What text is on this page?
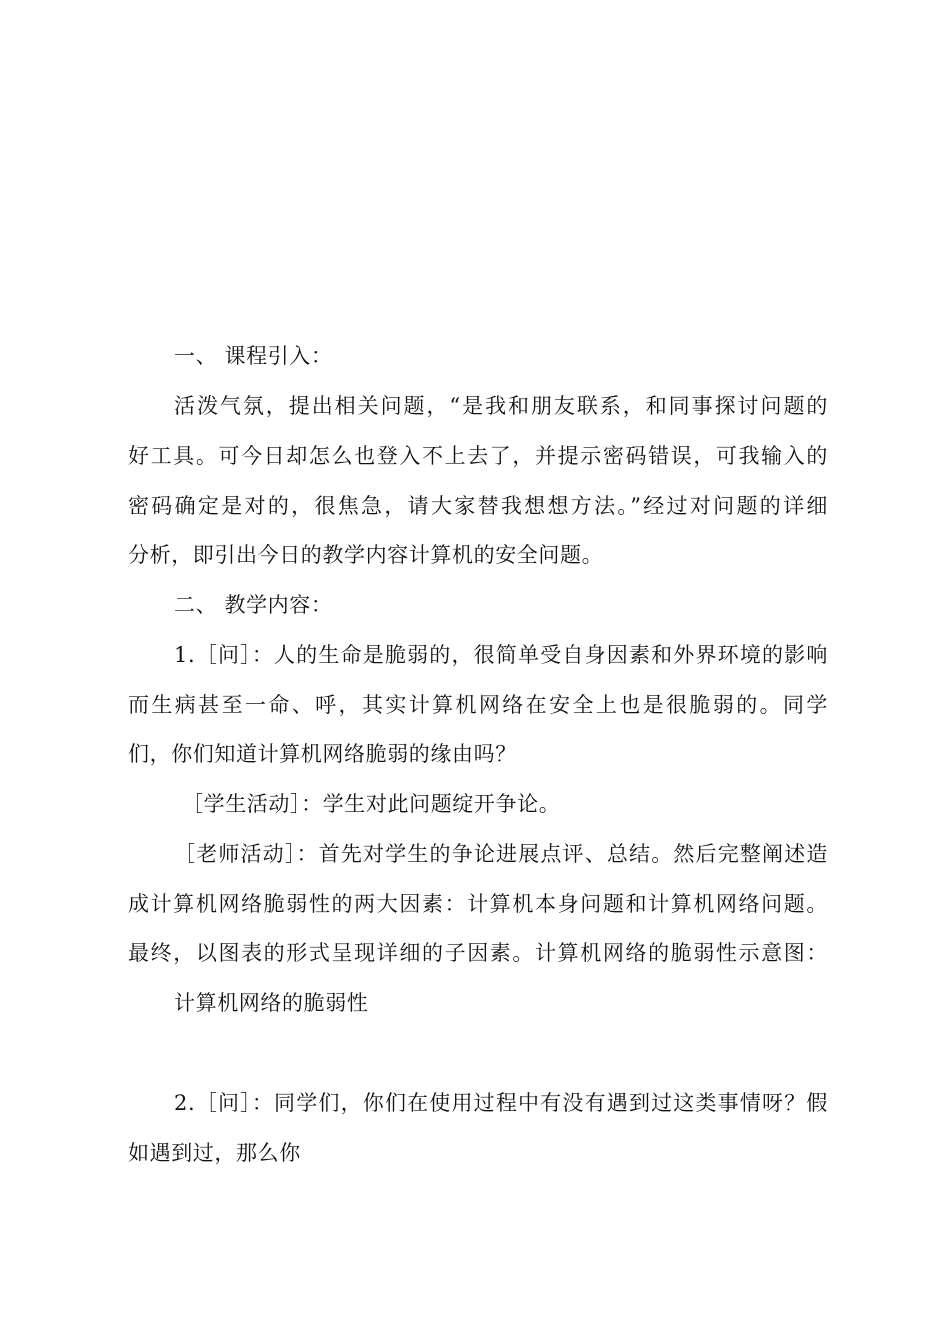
一、 课程引入：
活泼气氛，提出相关问题，“是我和朋友联系，和同事探讨问题的
好工具。可今日却怎么也登入不上去了，并提示密码错误，可我输入的
密码确定是对的，很焦急，请大家替我想想方法。”经过对问题的详细
分析，即引出今日的教学内容计算机的安全问题。
二、 教学内容：
1.［问］：人的生命是脆弱的，很简单受自身因素和外界环境的影响
而生病甚至一命、呼，其实计算机网络在安全上也是很脆弱的。同学
们，你们知道计算机网络脆弱的缘由吗？
［学生活动］：学生对此问题绽开争论。
［老师活动］：首先对学生的争论进展点评、总结。然后完整阐述造
成计算机网络脆弱性的两大因素：计算机本身问题和计算机网络问题。
最终，以图表的形式呈现详细的子因素。计算机网络的脆弱性示意图：
计算机网络的脆弱性
2.［问］：同学们，你们在使用过程中有没有遇到过这类事情呀？假
如遇到过，那么你
